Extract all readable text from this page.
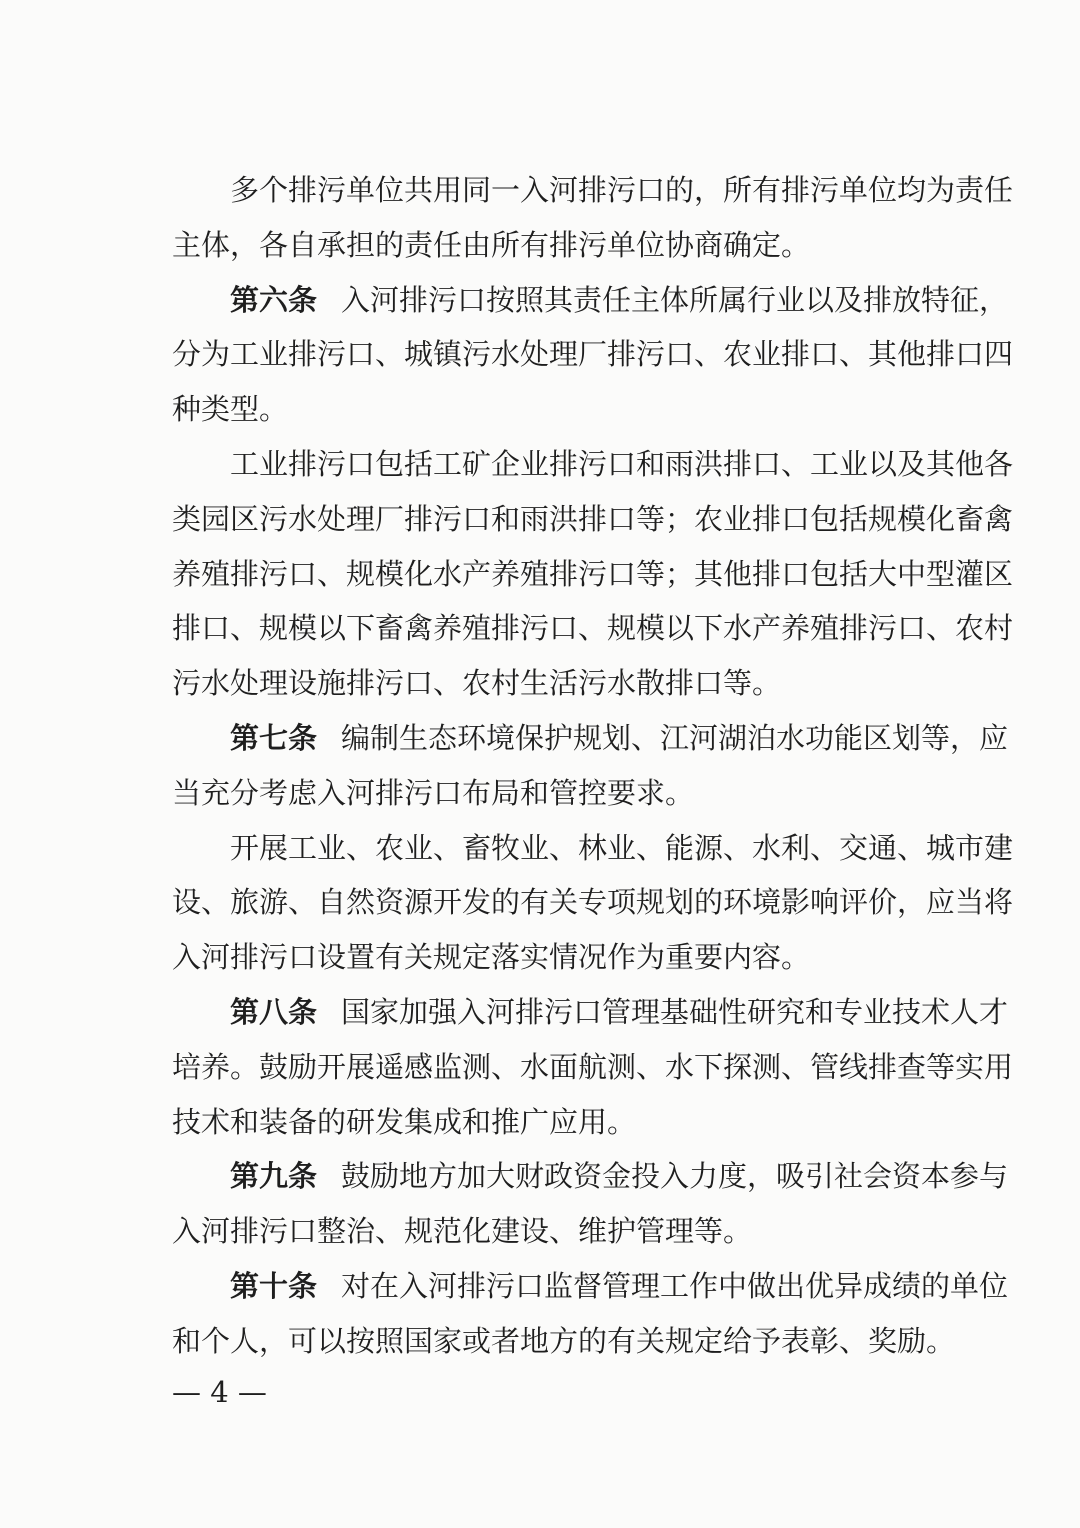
多个排污单位共用同一入河排污口的，所有排污单位均为责任
主体，各自承担的责任由所有排污单位协商确定。
第六条 入河排污口按照其责任主体所属行业以及排放特征，
分为工业排污口、城镇污水处理厂排污口、农业排口、其他排口四
种类型。
工业排污口包括工矿企业排污口和雨洪排口、工业以及其他各
类园区污水处理厂排污口和雨洪排口等；农业排口包括规模化畜禽
养殖排污口、规模化水产养殖排污口等；其他排口包括大中型灌区
排口、规模以下畜禽养殖排污口、规模以下水产养殖排污口、农村
污水处理设施排污口、农村生活污水散排口等。
第七条 编制生态环境保护规划、江河湖泊水功能区划等，应
当充分考虑入河排污口布局和管控要求。
开展工业、农业、畜牧业、林业、能源、水利、交通、城市建
设、旅游、自然资源开发的有关专项规划的环境影响评价，应当将
入河排污口设置有关规定落实情况作为重要内容。
第八条 国家加强入河排污口管理基础性研究和专业技术人才
培养。鼓励开展遥感监测、水面航测、水下探测、管线排查等实用
技术和装备的研发集成和推广应用。
第九条 鼓励地方加大财政资金投入力度，吸引社会资本参与
入河排污口整治、规范化建设、维护管理等。
第十条 对在入河排污口监督管理工作中做出优异成绩的单位
和个人，可以按照国家或者地方的有关规定给予表彰、奖励。
— 4 —
